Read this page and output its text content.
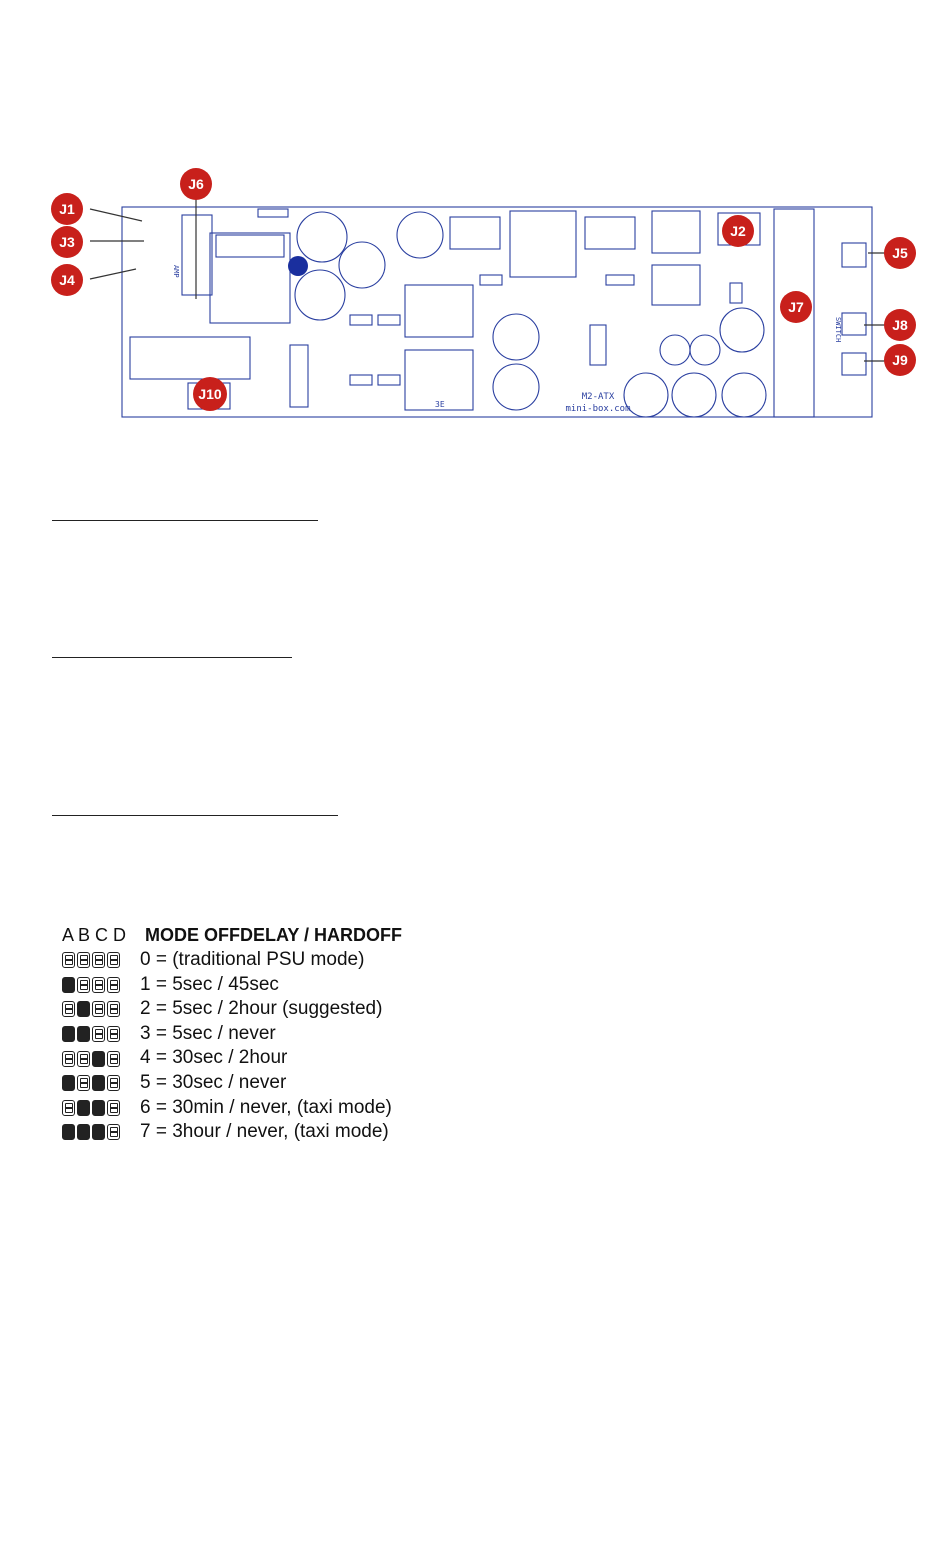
M2-ATX
mini-box.com
AMP
SWITCH
3E
J1
J3
J4
J6
J2
J5
J7
J8
J9
J10
A B C D MODE OFFDELAY / HARDOFF
0 = (traditional PSU mode)
1 = 5sec / 45sec
2 = 5sec / 2hour (suggested)
3 = 5sec / never
4 = 30sec / 2hour
5 = 30sec / never
6 = 30min / never, (taxi mode)
7 = 3hour / never, (taxi mode)
